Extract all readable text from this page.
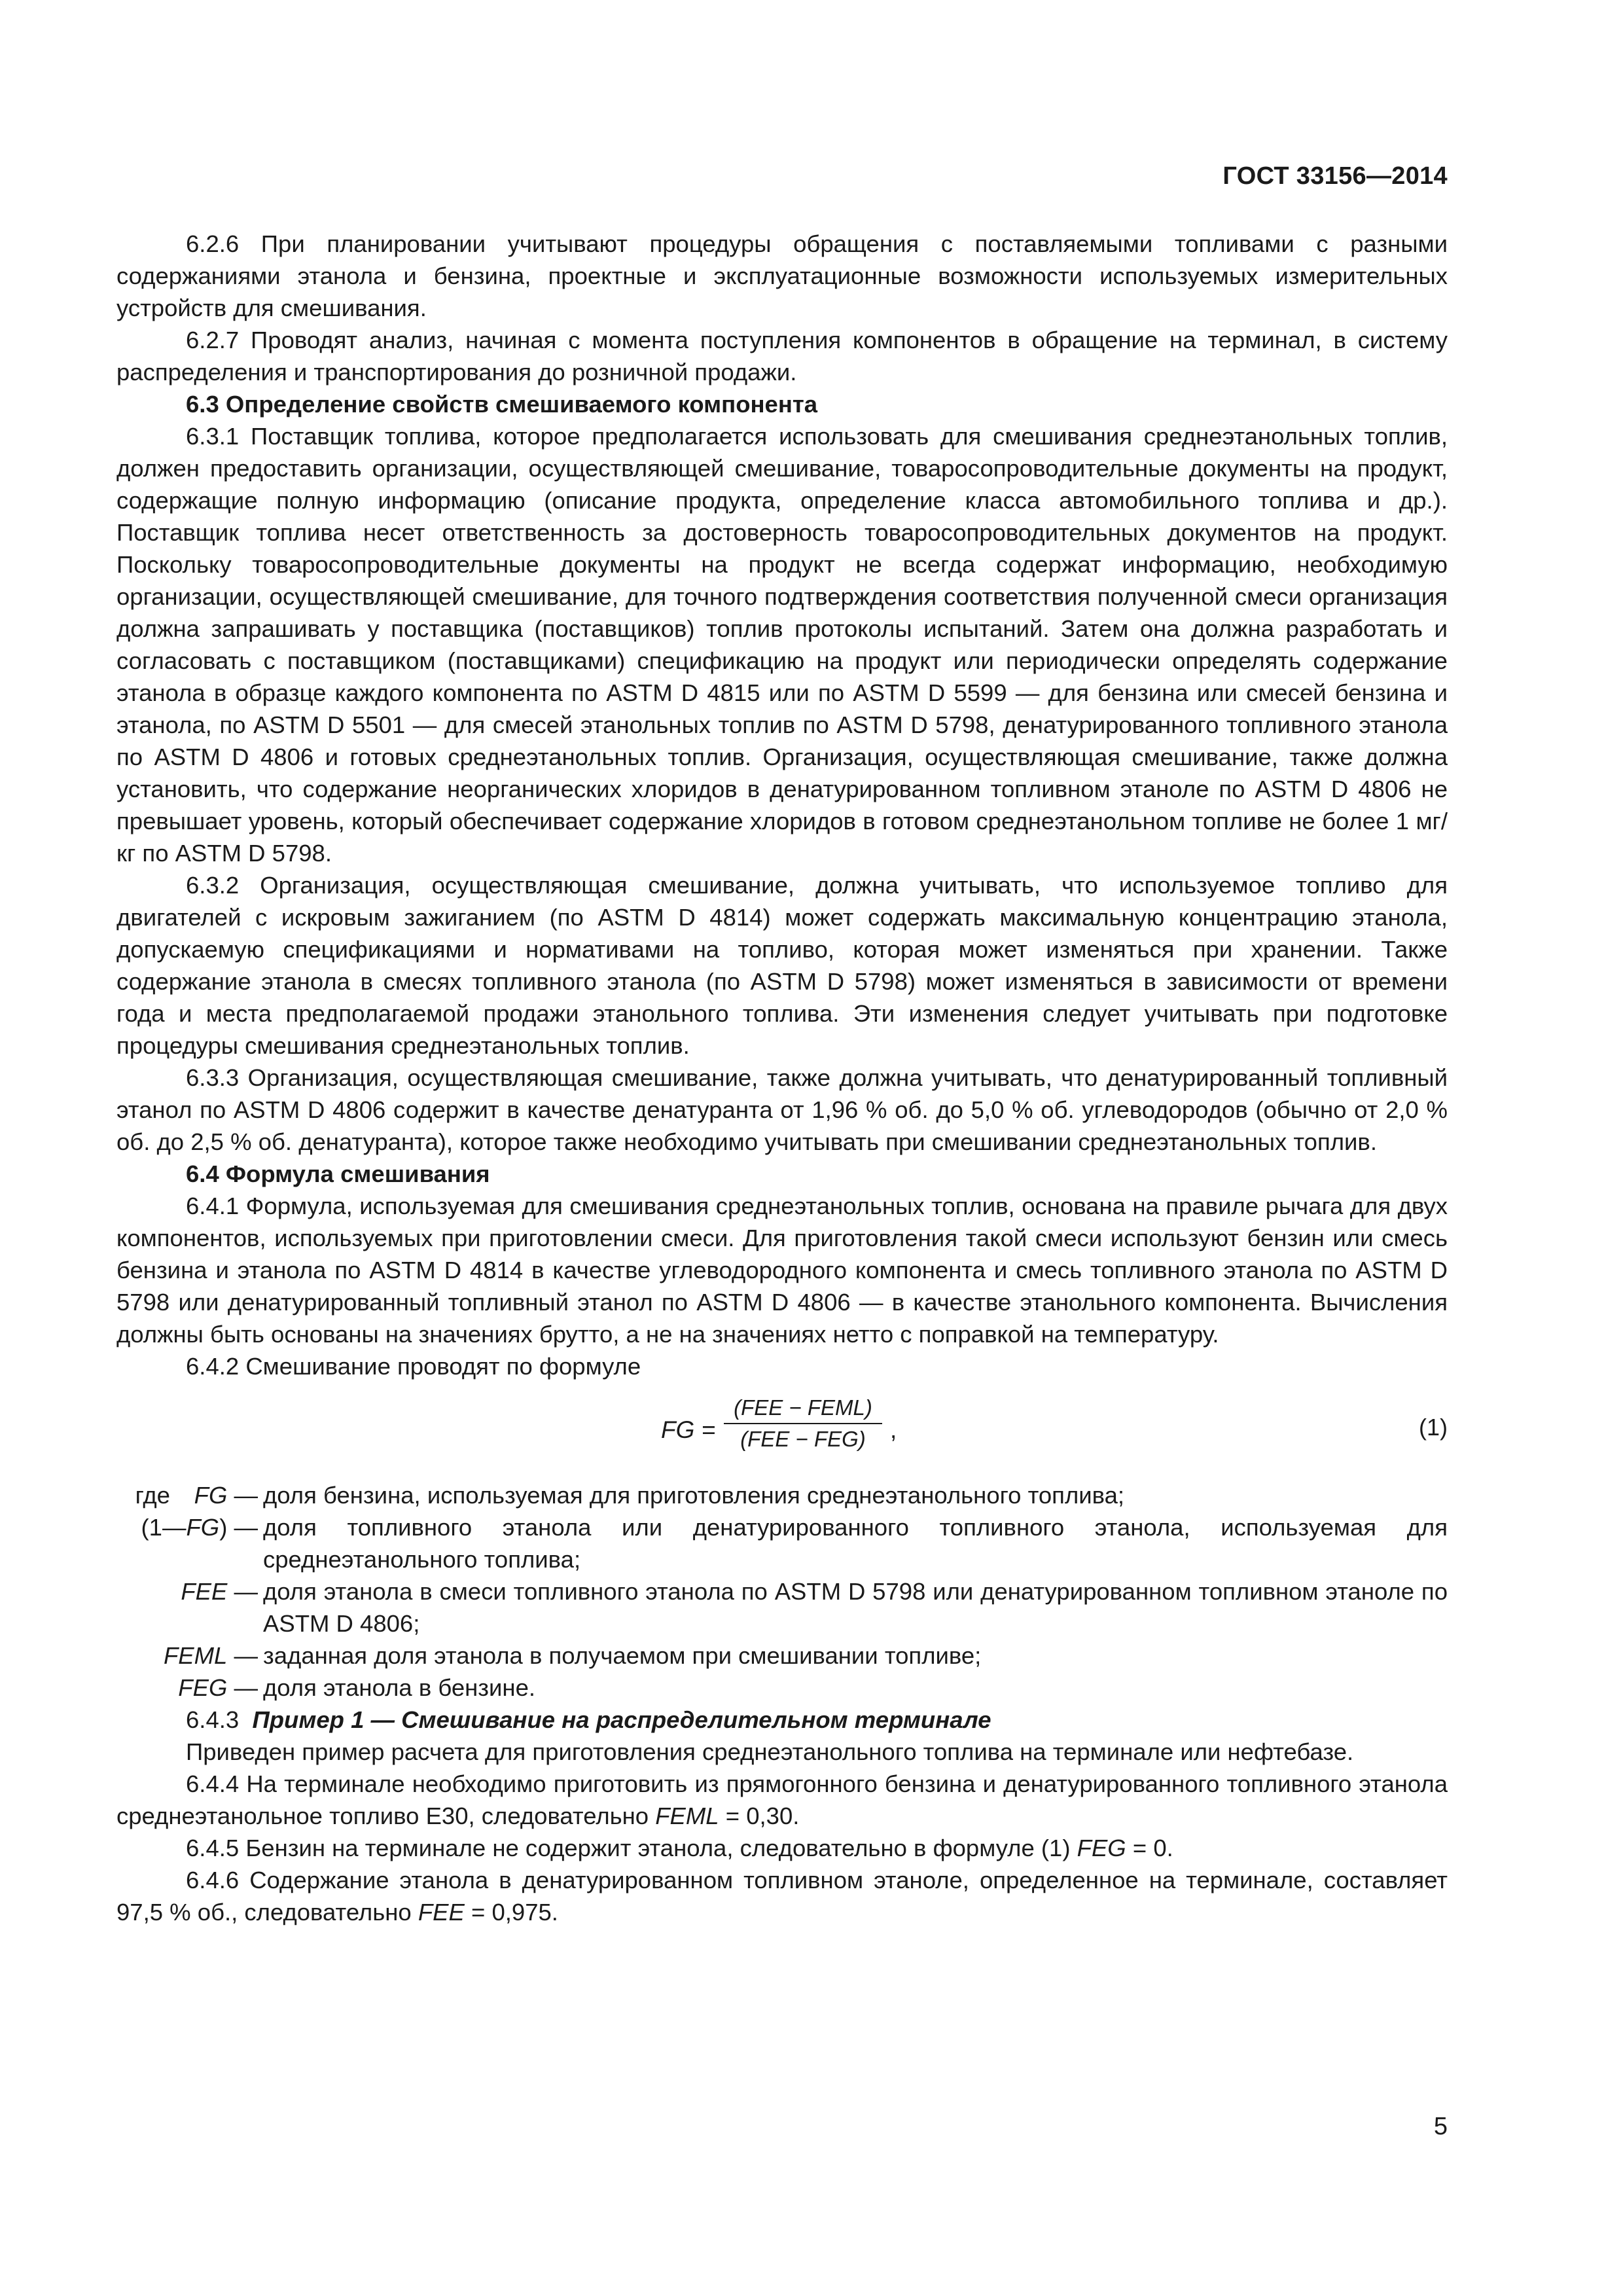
ГОСТ 33156—2014

6.2.6 При планировании учитывают процедуры обращения с поставляемыми топливами с разными содержаниями этанола и бензина, проектные и эксплуатационные возможности используемых измерительных устройств для смешивания.

6.2.7 Проводят анализ, начиная с момента поступления компонентов в обращение на терминал, в систему распределения и транспортирования до розничной продажи.

6.3 Определение свойств смешиваемого компонента

6.3.1 Поставщик топлива, которое предполагается использовать для смешивания среднеэтанольных топлив, должен предоставить организации, осуществляющей смешивание, товаросопроводительные документы на продукт, содержащие полную информацию (описание продукта, определение класса автомобильного топлива и др.). Поставщик топлива несет ответственность за достоверность товаросопроводительных документов на продукт. Поскольку товаросопроводительные документы на продукт не всегда содержат информацию, необходимую организации, осуществляющей смешивание, для точного подтверждения соответствия полученной смеси организация должна запрашивать у поставщика (поставщиков) топлив протоколы испытаний. Затем она должна разработать и согласовать с поставщиком (поставщиками) спецификацию на продукт или периодически определять содержание этанола в образце каждого компонента по ASTM D 4815 или по ASTM D 5599 — для бензина или смесей бензина и этанола, по ASTM D 5501 — для смесей этанольных топлив по ASTM D 5798, денатурированного топливного этанола по ASTM D 4806 и готовых среднеэтанольных топлив. Организация, осуществляющая смешивание, также должна установить, что содержание неорганических хлоридов в денатурированном топливном этаноле по ASTM D 4806 не превышает уровень, который обеспечивает содержание хлоридов в готовом среднеэтанольном топливе не более 1 мг/кг по ASTM D 5798.

6.3.2 Организация, осуществляющая смешивание, должна учитывать, что используемое топливо для двигателей с искровым зажиганием (по ASTM D 4814) может содержать максимальную концентрацию этанола, допускаемую спецификациями и нормативами на топливо, которая может изменяться при хранении. Также содержание этанола в смесях топливного этанола (по ASTM D 5798) может изменяться в зависимости от времени года и места предполагаемой продажи этанольного топлива. Эти изменения следует учитывать при подготовке процедуры смешивания среднеэтанольных топлив.

6.3.3 Организация, осуществляющая смешивание, также должна учитывать, что денатурированный топливный этанол по ASTM D 4806 содержит в качестве денатуранта от 1,96 % об. до 5,0 % об. углеводородов (обычно от 2,0 % об. до 2,5 % об. денатуранта), которое также необходимо учитывать при смешивании среднеэтанольных топлив.

6.4 Формула смешивания

6.4.1 Формула, используемая для смешивания среднеэтанольных топлив, основана на правиле рычага для двух компонентов, используемых при приготовлении смеси. Для приготовления такой смеси используют бензин или смесь бензина и этанола по ASTM D 4814 в качестве углеводородного компонента и смесь топливного этанола по ASTM D 5798 или денатурированный топливный этанол по ASTM D 4806 — в качестве этанольного компонента. Вычисления должны быть основаны на значениях брутто, а не на значениях нетто с поправкой на температуру.

6.4.2 Смешивание проводят по формуле

FG =
(FEE − FEML)
(FEE − FEG)	,	(1)
где FG — доля бензина, используемая для приготовления среднеэтанольного топлива;
(1—FG) — доля топливного этанола или денатурированного топливного этанола, используемая для среднеэтанольного топлива;
FEE — доля этанола в смеси топливного этанола по ASTM D 5798 или денатурированном топливном этаноле по ASTM D 4806;
FEML — заданная доля этанола в получаемом при смешивании топливе;
FEG — доля этанола в бензине.

6.4.3 Пример 1 — Смешивание на распределительном терминале

Приведен пример расчета для приготовления среднеэтанольного топлива на терминале или нефтебазе.

6.4.4 На терминале необходимо приготовить из прямогонного бензина и денатурированного топливного этанола среднеэтанольное топливо Е30, следовательно FEML = 0,30.

6.4.5 Бензин на терминале не содержит этанола, следовательно в формуле (1) FEG = 0.

6.4.6 Содержание этанола в денатурированном топливном этаноле, определенное на терминале, составляет 97,5 % об., следовательно FEE = 0,975.

5
